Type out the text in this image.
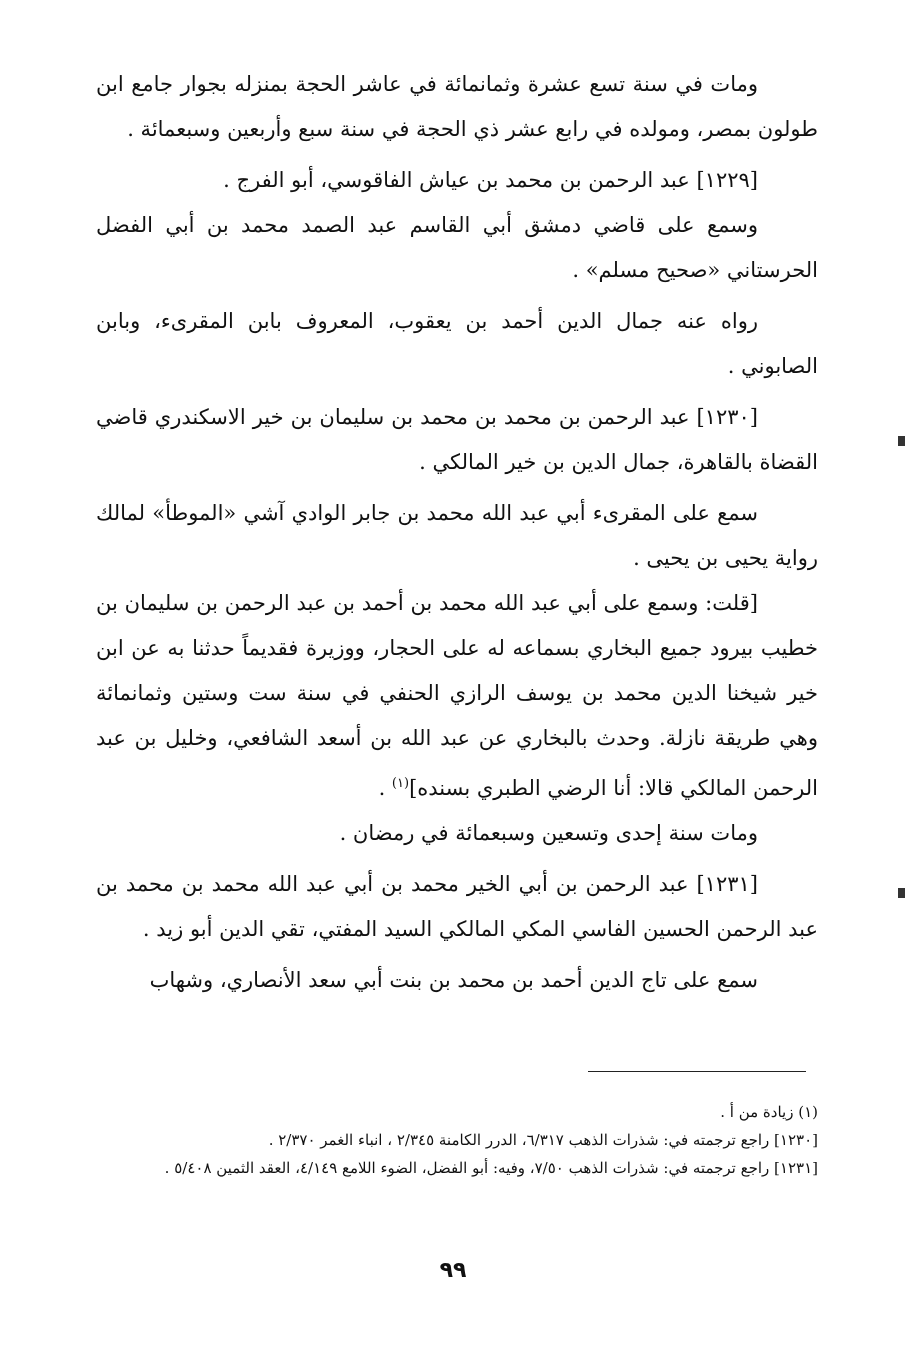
ومات في سنة تسع عشرة وثمانمائة في عاشر الحجة بمنزله بجوار جامع ابن طولون بمصر، ومولده في رابع عشر ذي الحجة في سنة سبع وأربعين وسبعمائة .

[١٢٢٩] عبد الرحمن بن محمد بن عياش الفاقوسي، أبو الفرج .

وسمع على قاضي دمشق أبي القاسم عبد الصمد محمد بن أبي الفضل الحرستاني «صحيح مسلم» .

رواه عنه جمال الدين أحمد بن يعقوب، المعروف بابن المقرىء، وبابن الصابوني .

[١٢٣٠] عبد الرحمن بن محمد بن محمد بن سليمان بن خير الاسكندري قاضي القضاة بالقاهرة، جمال الدين بن خير المالكي .

سمع على المقرىء أبي عبد الله محمد بن جابر الوادي آشي «الموطأ» لمالك رواية يحيى بن يحيى .

[قلت: وسمع على أبي عبد الله محمد بن أحمد بن عبد الرحمن بن سليمان بن خطيب بيرود جميع البخاري بسماعه له على الحجار، ووزيرة فقديماً حدثنا به عن ابن خير شيخنا الدين محمد بن يوسف الرازي الحنفي في سنة ست وستين وثمانمائة وهي طريقة نازلة. وحدث بالبخاري عن عبد الله بن أسعد الشافعي، وخليل بن عبد الرحمن المالكي قالا: أنا الرضي الطبري بسنده]$^{(١)}$ .

ومات سنة إحدى وتسعين وسبعمائة في رمضان .

[١٢٣١] عبد الرحمن بن أبي الخير محمد بن أبي عبد الله محمد بن محمد بن عبد الرحمن الحسين الفاسي المكي المالكي السيد المفتي، تقي الدين أبو زيد .

سمع على تاج الدين أحمد بن محمد بن بنت أبي سعد الأنصاري، وشهاب

(١) زيادة من أ .

[١٢٣٠] راجع ترجمته في: شذرات الذهب ٦/٣١٧، الدرر الكامنة ٢/٣٤٥ ، انباء الغمر ٢/٣٧٠ .

[١٢٣١] راجع ترجمته في: شذرات الذهب ٧/٥٠، وفيه: أبو الفضل، الضوء اللامع ٤/١٤٩، العقد الثمين ٥/٤٠٨ .

٩٩
